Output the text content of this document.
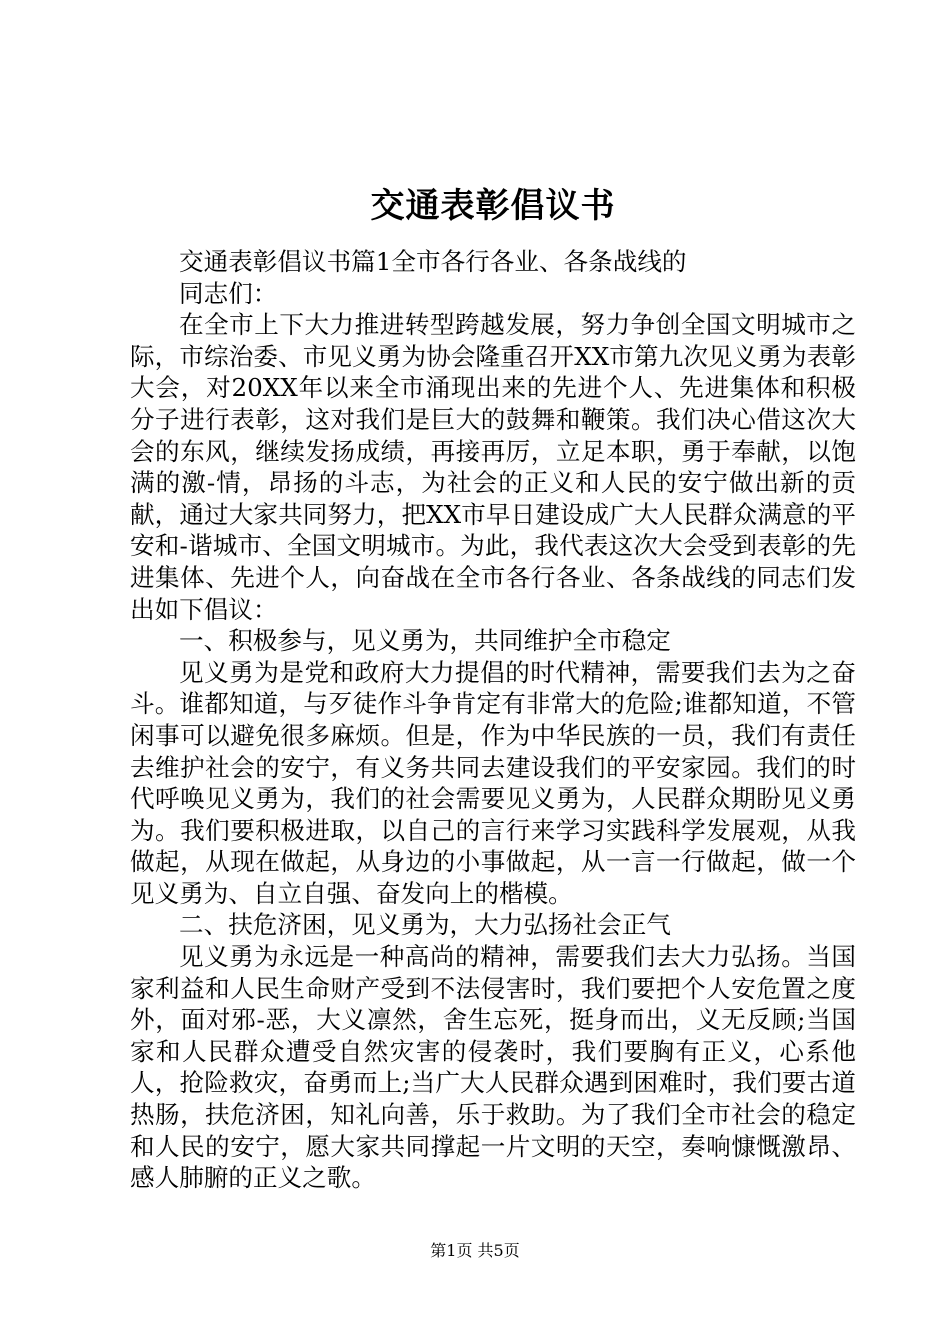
交通表彰倡议书

交通表彰倡议书篇1全市各行各业、各条战线的

同志们：

在全市上下大力推进转型跨越发展，努力争创全国文明城市之际，市综治委、市见义勇为协会隆重召开XX市第九次见义勇为表彰大会，对20XX年以来全市涌现出来的先进个人、先进集体和积极分子进行表彰，这对我们是巨大的鼓舞和鞭策。我们决心借这次大会的东风，继续发扬成绩，再接再厉，立足本职，勇于奉献，以饱满的激-情，昂扬的斗志，为社会的正义和人民的安宁做出新的贡献，通过大家共同努力，把XX市早日建设成广大人民群众满意的平安和-谐城市、全国文明城市。为此，我代表这次大会受到表彰的先进集体、先进个人，向奋战在全市各行各业、各条战线的同志们发出如下倡议：

一、积极参与，见义勇为，共同维护全市稳定

见义勇为是党和政府大力提倡的时代精神，需要我们去为之奋斗。谁都知道，与歹徒作斗争肯定有非常大的危险;谁都知道，不管闲事可以避免很多麻烦。但是，作为中华民族的一员，我们有责任去维护社会的安宁，有义务共同去建设我们的平安家园。我们的时代呼唤见义勇为，我们的社会需要见义勇为，人民群众期盼见义勇为。我们要积极进取，以自己的言行来学习实践科学发展观，从我做起，从现在做起，从身边的小事做起，从一言一行做起，做一个见义勇为、自立自强、奋发向上的楷模。

二、扶危济困，见义勇为，大力弘扬社会正气

见义勇为永远是一种高尚的精神，需要我们去大力弘扬。当国家利益和人民生命财产受到不法侵害时，我们要把个人安危置之度外，面对邪-恶，大义凛然，舍生忘死，挺身而出，义无反顾;当国家和人民群众遭受自然灾害的侵袭时，我们要胸有正义，心系他人，抢险救灾，奋勇而上;当广大人民群众遇到困难时，我们要古道热肠，扶危济困，知礼向善，乐于救助。为了我们全市社会的稳定和人民的安宁，愿大家共同撑起一片文明的天空，奏响慷慨激昂、感人肺腑的正义之歌。

第1页 共5页
